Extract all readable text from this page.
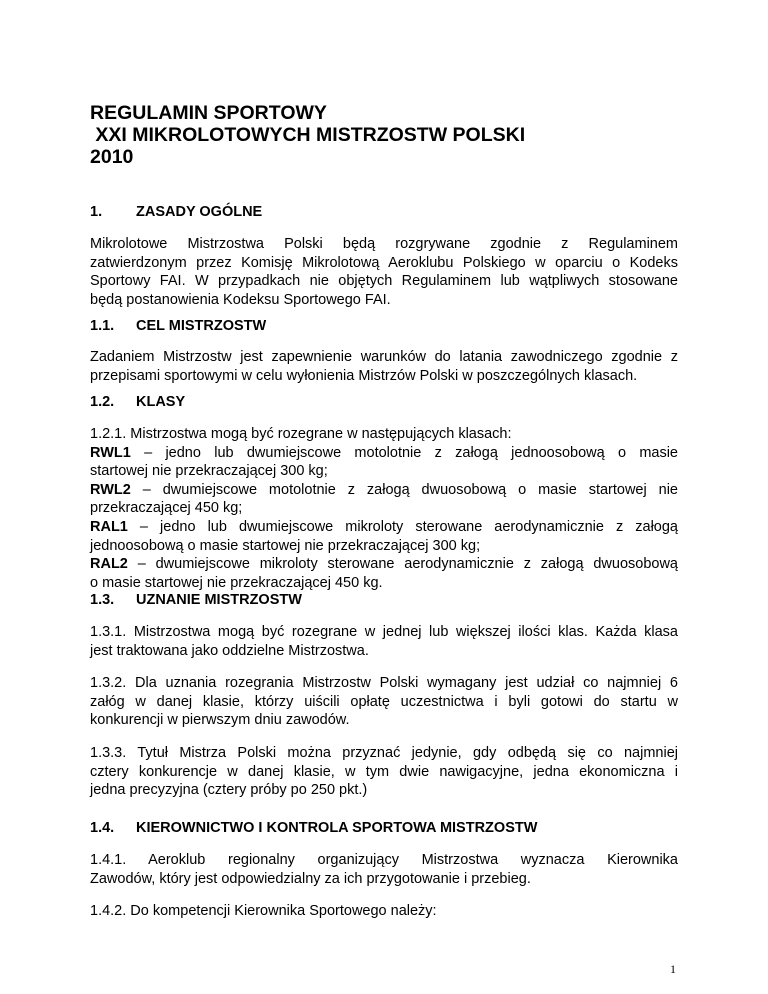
REGULAMIN SPORTOWY
XXI MIKROLOTOWYCH MISTRZOSTW POLSKI
2010
1. ZASADY OGÓLNE
Mikrolotowe Mistrzostwa Polski będą rozgrywane zgodnie z Regulaminem
zatwierdzonym przez Komisję Mikrolotową Aeroklubu Polskiego w oparciu o Kodeks
Sportowy FAI. W przypadkach nie objętych Regulaminem lub wątpliwych stosowane
będą postanowienia Kodeksu Sportowego FAI.
1.1. CEL MISTRZOSTW
Zadaniem Mistrzostw jest zapewnienie warunków do latania zawodniczego zgodnie z
przepisami sportowymi w celu wyłonienia Mistrzów Polski w poszczególnych klasach.
1.2. KLASY
1.2.1. Mistrzostwa mogą być rozegrane w następujących klasach:
RWL1 – jedno lub dwumiejscowe motolotnie z załogą jednoosobową o masie
startowej nie przekraczającej 300 kg;
RWL2 – dwumiejscowe motolotnie z załogą dwuosobową o masie startowej nie
przekraczającej 450 kg;
RAL1 – jedno lub dwumiejscowe mikroloty sterowane aerodynamicznie z załogą
jednoosobową o masie startowej nie przekraczającej 300 kg;
RAL2 – dwumiejscowe mikroloty sterowane aerodynamicznie z załogą dwuosobową
o masie startowej nie przekraczającej 450 kg.
1.3. UZNANIE MISTRZOSTW
1.3.1. Mistrzostwa mogą być rozegrane w jednej lub większej ilości klas. Każda klasa
jest traktowana jako oddzielne Mistrzostwa.
1.3.2. Dla uznania rozegrania Mistrzostw Polski wymagany jest udział co najmniej 6
załóg w danej klasie, którzy uiścili opłatę uczestnictwa i byli gotowi do startu w
konkurencji w pierwszym dniu zawodów.
1.3.3. Tytuł Mistrza Polski można przyznać jedynie, gdy odbędą się co najmniej
cztery konkurencje w danej klasie, w tym dwie nawigacyjne, jedna ekonomiczna i
jedna precyzyjna (cztery próby po 250 pkt.)
1.4. KIEROWNICTWO I KONTROLA SPORTOWA MISTRZOSTW
1.4.1. Aeroklub regionalny organizujący Mistrzostwa wyznacza Kierownika
Zawodów, który jest odpowiedzialny za ich przygotowanie i przebieg.
1.4.2. Do kompetencji Kierownika Sportowego należy:
1
